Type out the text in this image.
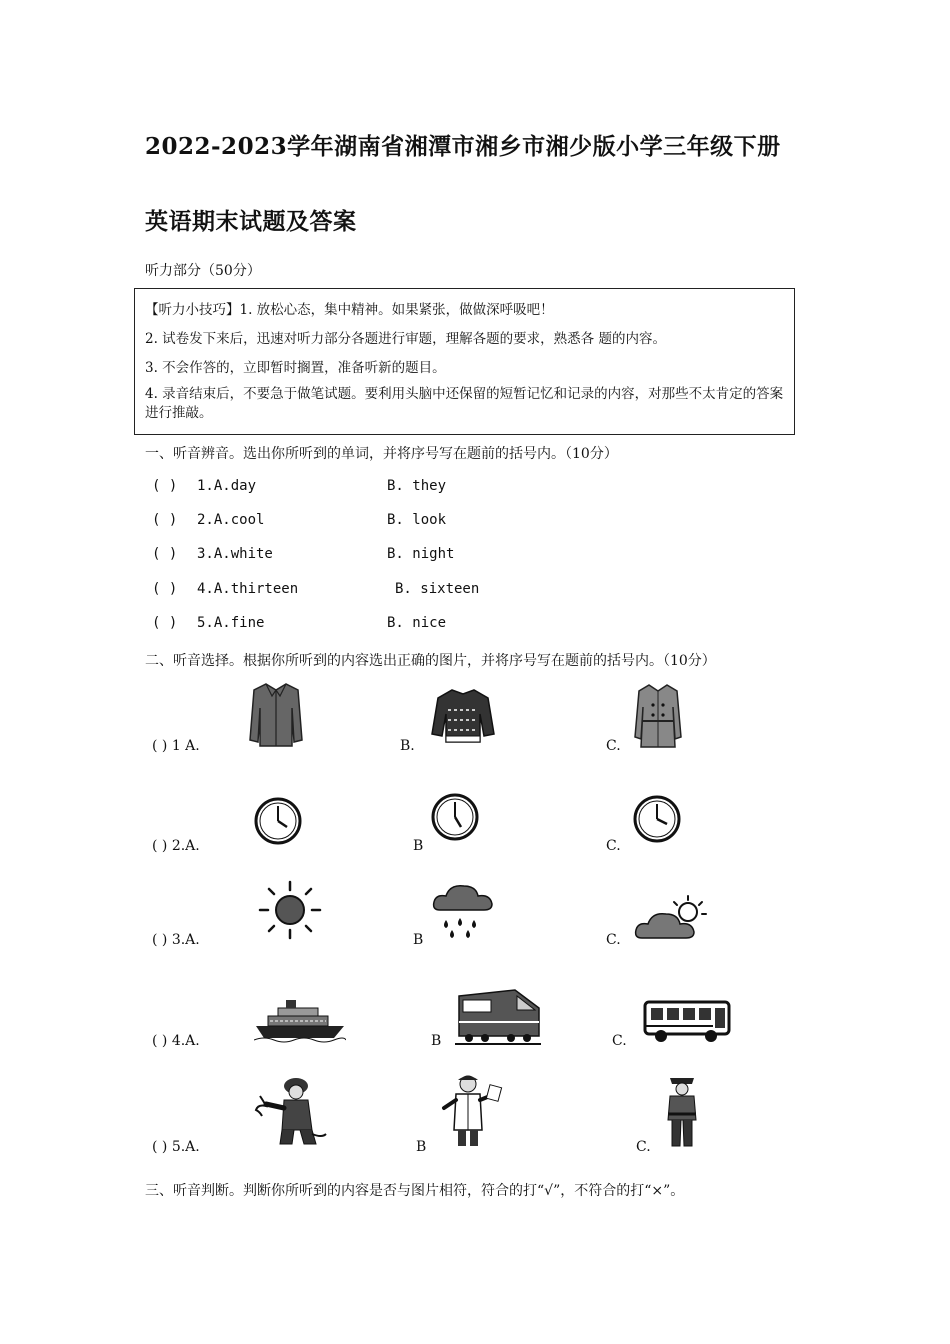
2022-2023学年湖南省湘潭市湘乡市湘少版小学三年级下册
英语期末试题及答案
听力部分（50分）
【听力小技巧】1. 放松心态，集中精神。如果紧张，做做深呼吸吧！
2. 试卷发下来后，迅速对听力部分各题进行审题，理解各题的要求，熟悉各 题的内容。
3. 不会作答的，立即暂时搁置，准备听新的题目。
4. 录音结束后，不要急于做笔试题。要利用头脑中还保留的短暂记忆和记录的内容，对那些不太肯定的答案进行推敲。
一、听音辨音。选出你所听到的单词，并将序号写在题前的括号内。（10分）
( ) 1.A.day	B. they
( ) 2.A.cool	B. look
( ) 3.A.white	B. night
( ) 4.A.thirteen	B. sixteen
( ) 5.A.fine	B. nice
二、听音选择。根据你所听到的内容选出正确的图片，并将序号写在题前的括号内。（10分）
( ) 1 A.	B.	C.
( ) 2.A.	B	C.
( ) 3.A.	B	C.
( ) 4.A.	B	C.
( ) 5.A.	B	C.
三、听音判断。判断你所听到的内容是否与图片相符，符合的打“√”，不符合的打“×”。
